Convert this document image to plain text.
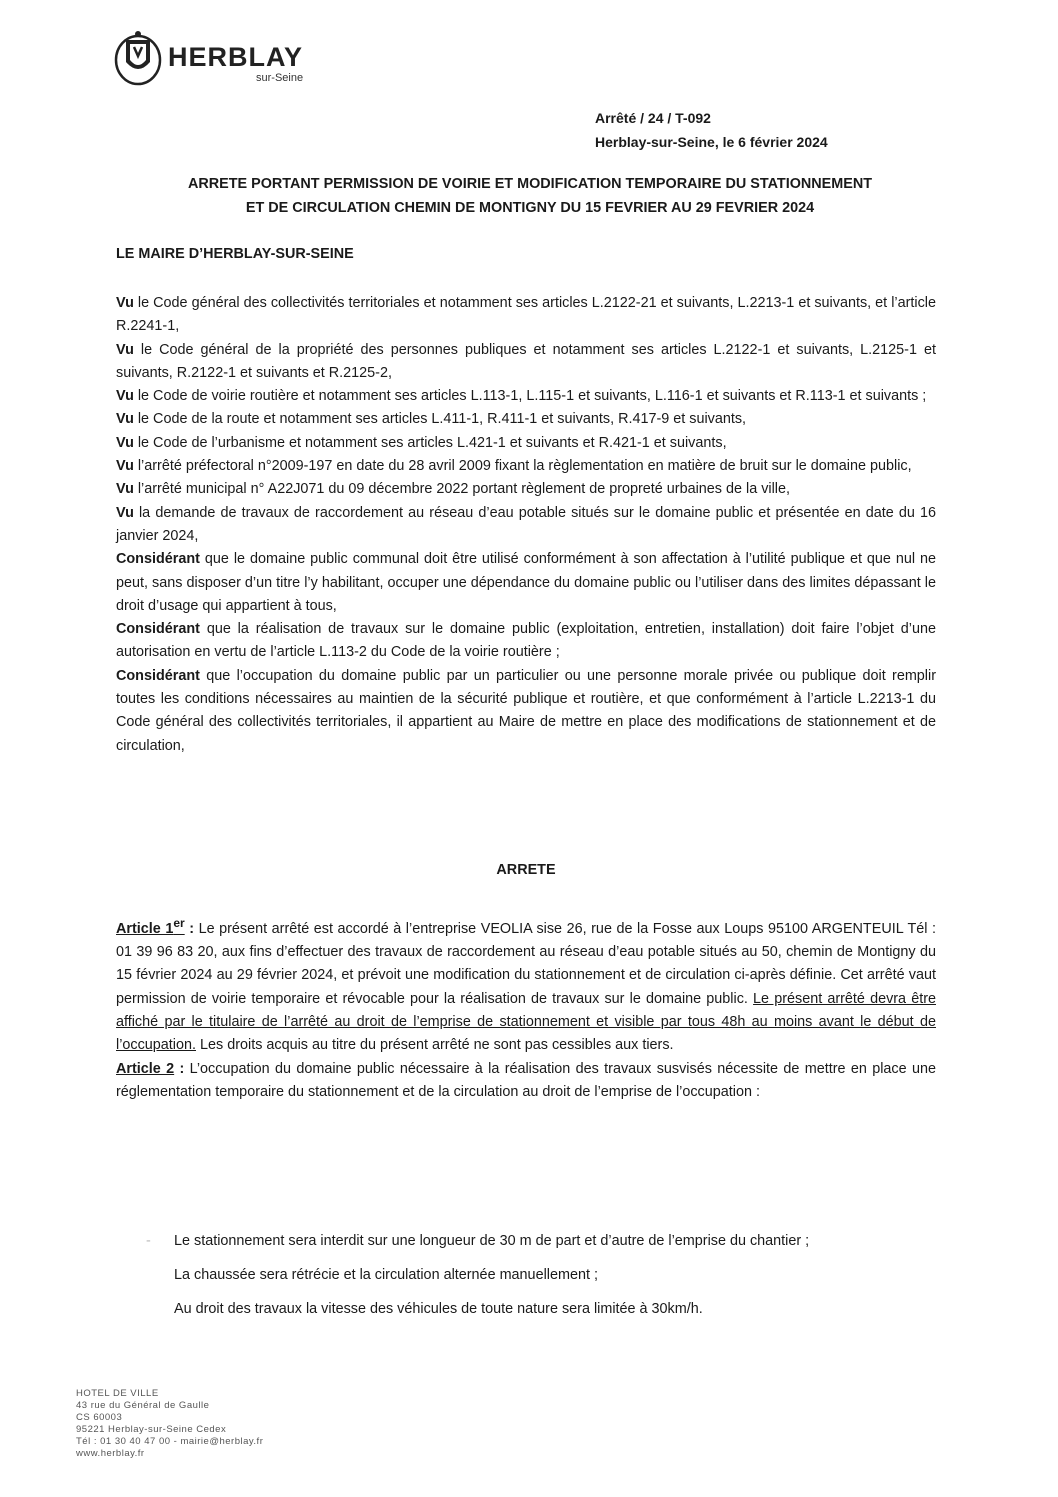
HERBLAY
sur-Seine
Arrêté / 24 / T-092
Herblay-sur-Seine, le 6 février 2024
ARRETE PORTANT PERMISSION DE VOIRIE ET MODIFICATION TEMPORAIRE DU STATIONNEMENT
ET DE CIRCULATION CHEMIN DE MONTIGNY DU 15 FEVRIER AU 29 FEVRIER 2024
LE MAIRE D’HERBLAY-SUR-SEINE

Vu le Code général des collectivités territoriales et notamment ses articles L.2122-21 et suivants, L.2213-1 et suivants, et l’article R.2241-1,

Vu le Code général de la propriété des personnes publiques et notamment ses articles L.2122-1 et suivants, L.2125-1 et suivants, R.2122-1 et suivants et R.2125-2,

Vu le Code de voirie routière et notamment ses articles L.113-1, L.115-1 et suivants, L.116-1 et suivants et R.113-1 et suivants ;

Vu le Code de la route et notamment ses articles L.411-1, R.411-1 et suivants, R.417-9 et suivants,

Vu le Code de l’urbanisme et notamment ses articles L.421-1 et suivants et R.421-1 et suivants,

Vu l’arrêté préfectoral n°2009-197 en date du 28 avril 2009 fixant la règlementation en matière de bruit sur le domaine public,

Vu l’arrêté municipal n° A22J071 du 09 décembre 2022 portant règlement de propreté urbaines de la ville,

Vu la demande de travaux de raccordement au réseau d’eau potable situés sur le domaine public et présentée en date du 16 janvier 2024,

Considérant que le domaine public communal doit être utilisé conformément à son affectation à l’utilité publique et que nul ne peut, sans disposer d’un titre l’y habilitant, occuper une dépendance du domaine public ou l’utiliser dans des limites dépassant le droit d’usage qui appartient à tous,

Considérant que la réalisation de travaux sur le domaine public (exploitation, entretien, installation) doit faire l’objet d’une autorisation en vertu de l’article L.113-2 du Code de la voirie routière ;

Considérant que l’occupation du domaine public par un particulier ou une personne morale privée ou publique doit remplir toutes les conditions nécessaires au maintien de la sécurité publique et routière, et que conformément à l’article L.2213-1 du Code général des collectivités territoriales, il appartient au Maire de mettre en place des modifications de stationnement et de circulation,

ARRETE

Article 1er : Le présent arrêté est accordé à l’entreprise VEOLIA sise 26, rue de la Fosse aux Loups 95100 ARGENTEUIL Tél : 01 39 96 83 20, aux fins d’effectuer des travaux de raccordement au réseau d’eau potable situés au 50, chemin de Montigny du 15 février 2024 au 29 février 2024, et prévoit une modification du stationnement et de circulation ci-après définie. Cet arrêté vaut permission de voirie temporaire et révocable pour la réalisation de travaux sur le domaine public. Le présent arrêté devra être affiché par le titulaire de l’arrêté au droit de l’emprise de stationnement et visible par tous 48h au moins avant le début de l’occupation. Les droits acquis au titre du présent arrêté ne sont pas cessibles aux tiers.

Article 2 : L’occupation du domaine public nécessaire à la réalisation des travaux susvisés nécessite de mettre en place une réglementation temporaire du stationnement et de la circulation au droit de l’emprise de l’occupation :

- Le stationnement sera interdit sur une longueur de 30 m de part et d’autre de l’emprise du chantier ;

La chaussée sera rétrécie et la circulation alternée manuellement ;

Au droit des travaux la vitesse des véhicules de toute nature sera limitée à 30km/h.

HOTEL DE VILLE
43 rue du Général de Gaulle
CS 60003
95221 Herblay-sur-Seine Cedex
Tél : 01 30 40 47 00 - mairie@herblay.fr
www.herblay.fr
